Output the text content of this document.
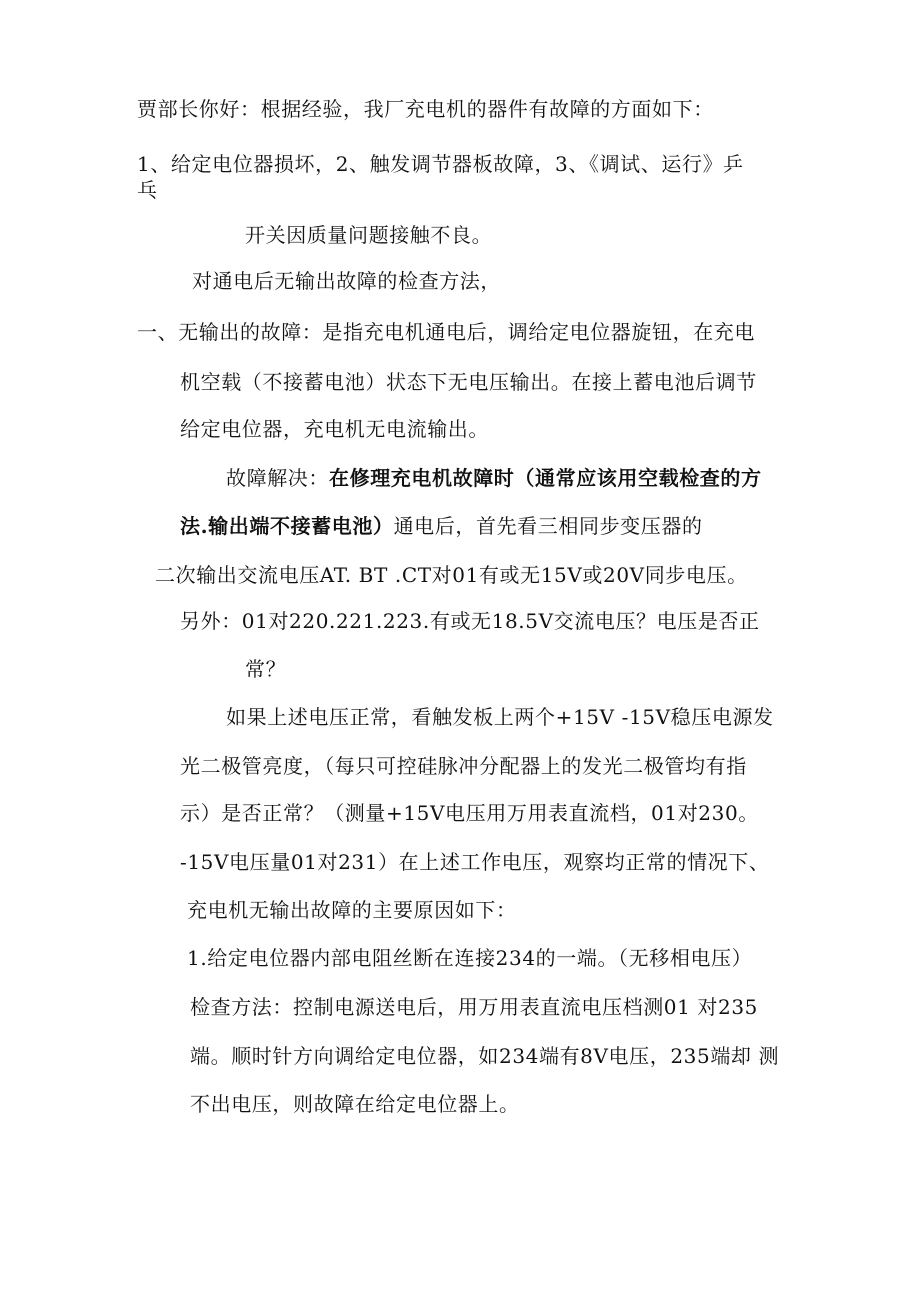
贾部长你好：根据经验，我厂充电机的器件有故障的方面如下：
1、给定电位器损坏，2、触发调节器板故障，3、《调试、运行》乒
乓
开关因质量问题接触不良。
对通电后无输出故障的检查方法，
一、无输出的故障：是指充电机通电后，调给定电位器旋钮，在充电
机空载（不接蓄电池）状态下无电压输出。在接上蓄电池后调节
给定电位器，充电机无电流输出。
故障解决：在修理充电机故障时（通常应该用空载检查的方
法.输出端不接蓄电池）通电后，首先看三相同步变压器的
二次输出交流电压AT. BT .CT对01有或无15V或20V同步电压。
另外：01对220.221.223.有或无18.5V交流电压？电压是否正
常？
如果上述电压正常，看触发板上两个+15V -15V稳压电源发
光二极管亮度，（每只可控硅脉冲分配器上的发光二极管均有指
示）是否正常？（测量+15V电压用万用表直流档，01对230。
-15V电压量01对231）在上述工作电压，观察均正常的情况下、
充电机无输出故障的主要原因如下：
1.给定电位器内部电阻丝断在连接234的一端。（无移相电压）
检查方法：控制电源送电后，用万用表直流电压档测01 对235
端。顺时针方向调给定电位器，如234端有8V电压，235端却 测
不出电压，则故障在给定电位器上。
